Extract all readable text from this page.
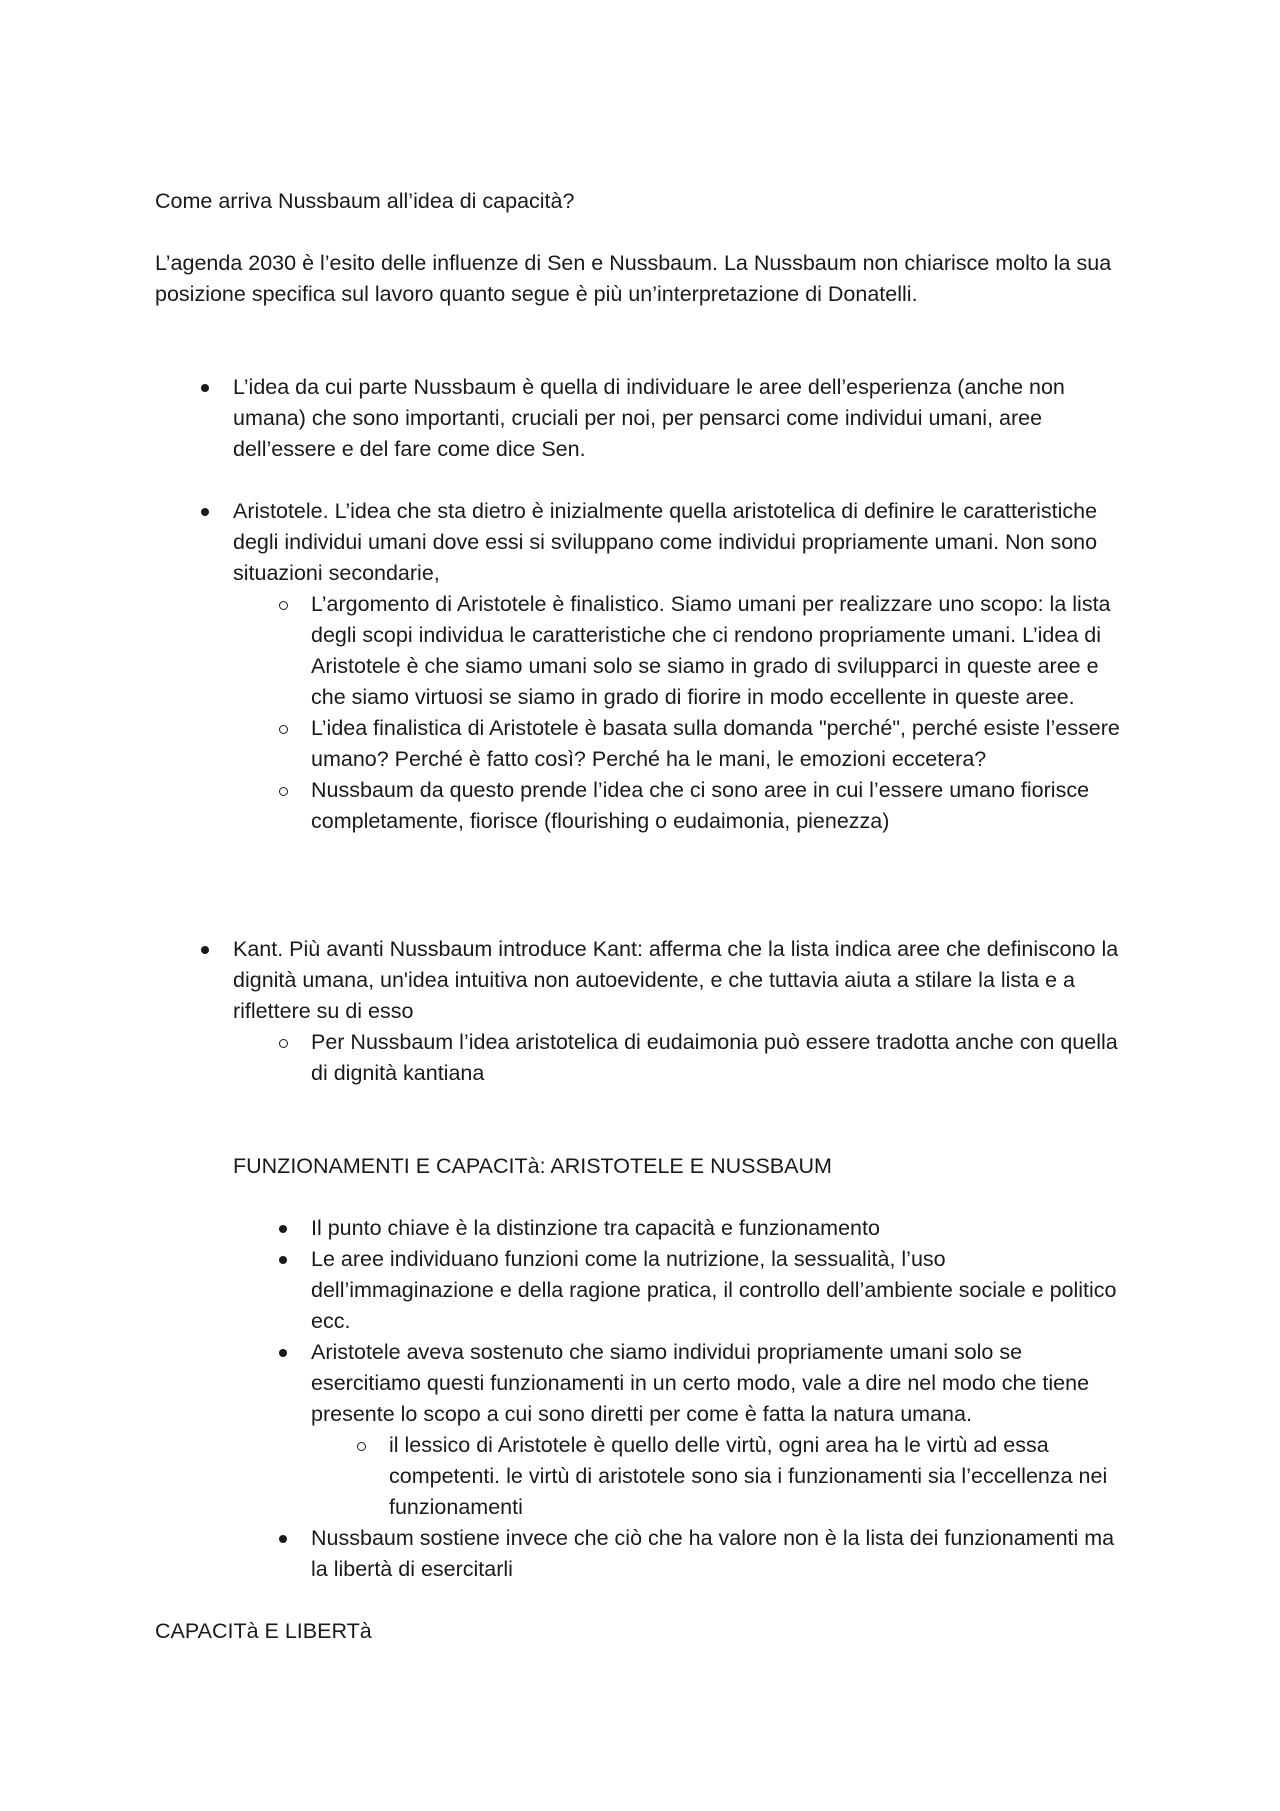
Come arriva Nussbaum all’idea di capacità?

L’agenda 2030 è l’esito delle influenze di Sen e Nussbaum. La Nussbaum non chiarisce molto la sua posizione specifica sul lavoro quanto segue è più un’interpretazione di Donatelli.

L’idea da cui parte Nussbaum è quella di individuare le aree dell’esperienza (anche non umana) che sono importanti, cruciali per noi, per pensarci come individui umani, aree dell’essere e del fare come dice Sen.
Aristotele. L’idea che sta dietro è inizialmente quella aristotelica di definire le caratteristiche degli individui umani dove essi si sviluppano come individui propriamente umani. Non sono situazioni secondarie,
L’argomento di Aristotele è finalistico. Siamo umani per realizzare uno scopo: la lista degli scopi individua le caratteristiche che ci rendono propriamente umani. L’idea di Aristotele è che siamo umani solo se siamo in grado di svilupparci in queste aree e che siamo virtuosi se siamo in grado di fiorire in modo eccellente in queste aree.
L’idea finalistica di Aristotele è basata sulla domanda "perché", perché esiste l’essere umano? Perché è fatto così? Perché ha le mani, le emozioni eccetera?
Nussbaum da questo prende l’idea che ci sono aree in cui l’essere umano fiorisce completamente, fiorisce (flourishing o eudaimonia, pienezza)
Kant. Più avanti Nussbaum introduce Kant: afferma che la lista indica aree che definiscono la dignità umana, un'idea intuitiva non autoevidente, e che tuttavia aiuta a stilare la lista e a riflettere su di esso
Per Nussbaum l’idea aristotelica di eudaimonia può essere tradotta anche con quella di dignità kantiana

FUNZIONAMENTI E CAPACITà: ARISTOTELE E NUSSBAUM

Il punto chiave è la distinzione tra capacità e funzionamento
Le aree individuano funzioni come la nutrizione, la sessualità, l’uso dell’immaginazione e della ragione pratica, il controllo dell’ambiente sociale e politico ecc.
Aristotele aveva sostenuto che siamo individui propriamente umani solo se esercitiamo questi funzionamenti in un certo modo, vale a dire nel modo che tiene presente lo scopo a cui sono diretti per come è fatta la natura umana.
il lessico di Aristotele è quello delle virtù, ogni area ha le virtù ad essa competenti. le virtù di aristotele sono sia i funzionamenti sia l’eccellenza nei funzionamenti
Nussbaum sostiene invece che ciò che ha valore non è la lista dei funzionamenti ma la libertà di esercitarli

CAPACITà E LIBERTà
